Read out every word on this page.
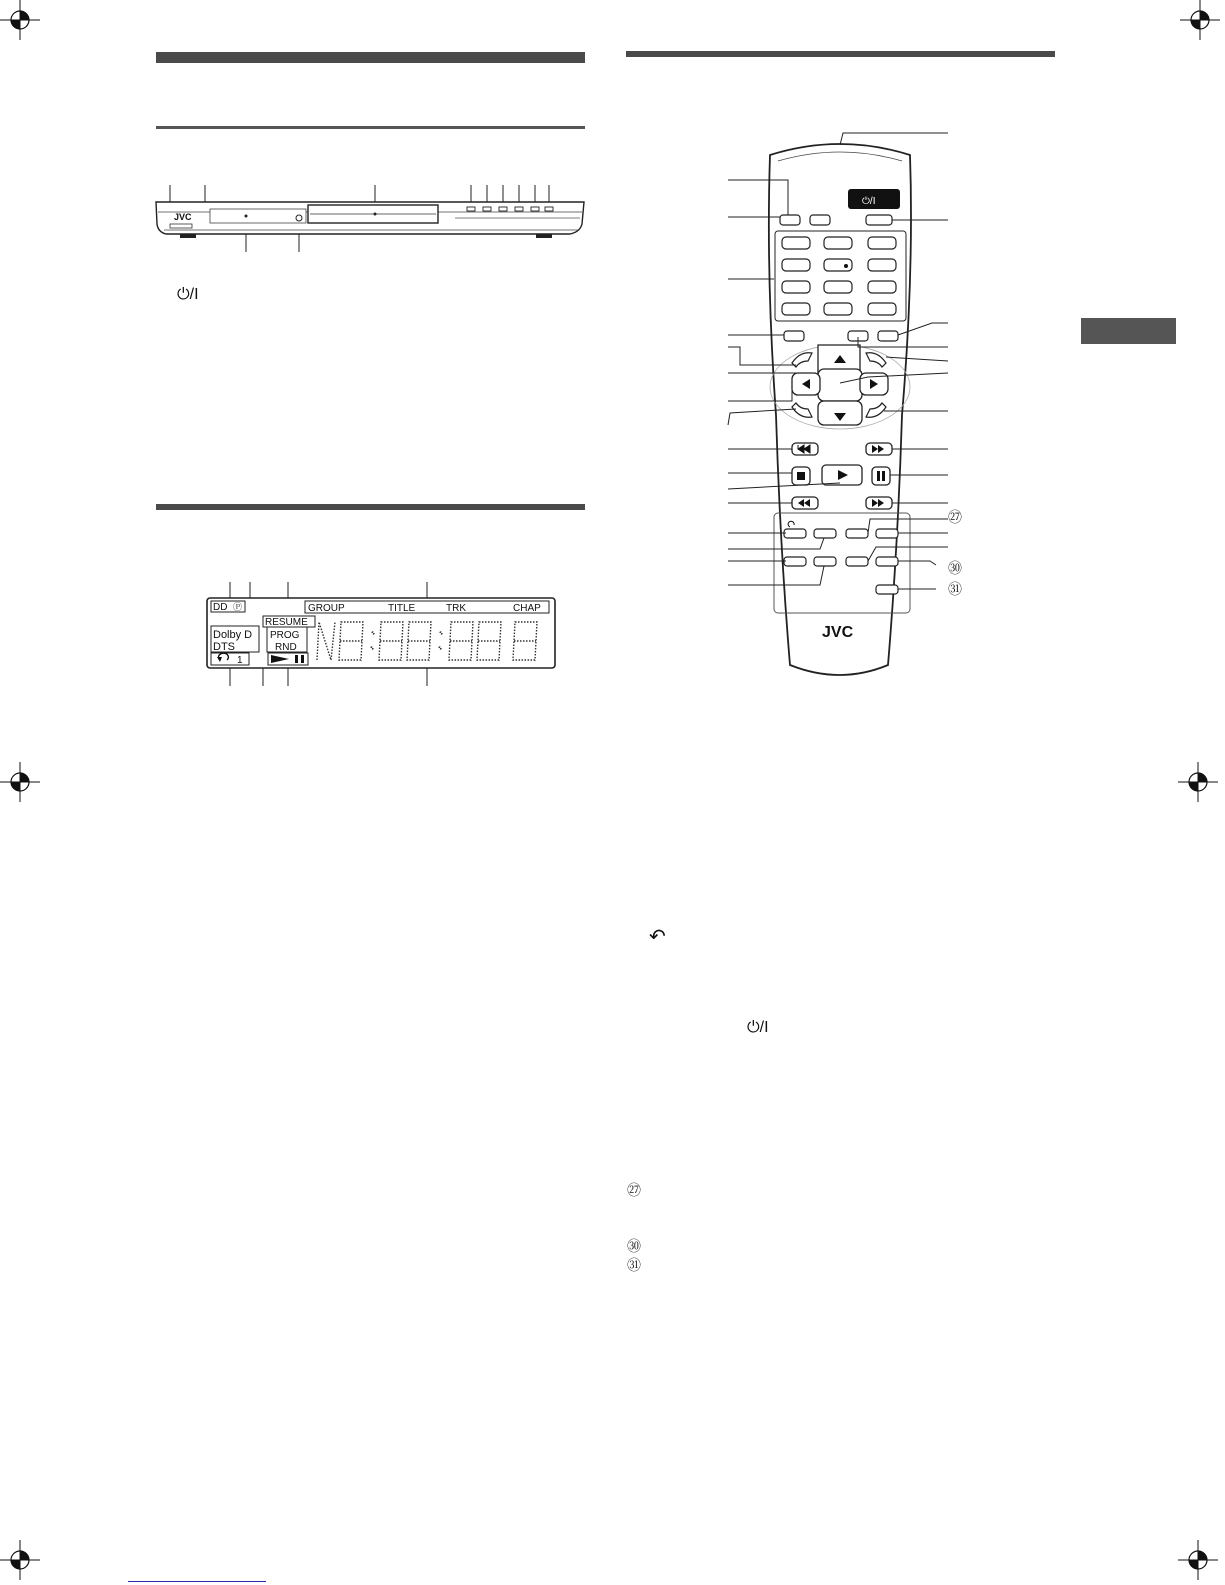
JVC
⏻/I
DD Ⓟ
Dolby D
DTS
1
RESUME
PROG
RND
GROUP	TITLE	TRK	CHAP
⏻/I
JVC
㉗
㉚
㉛
↶
⏻/I
㉗
㉚
㉛
